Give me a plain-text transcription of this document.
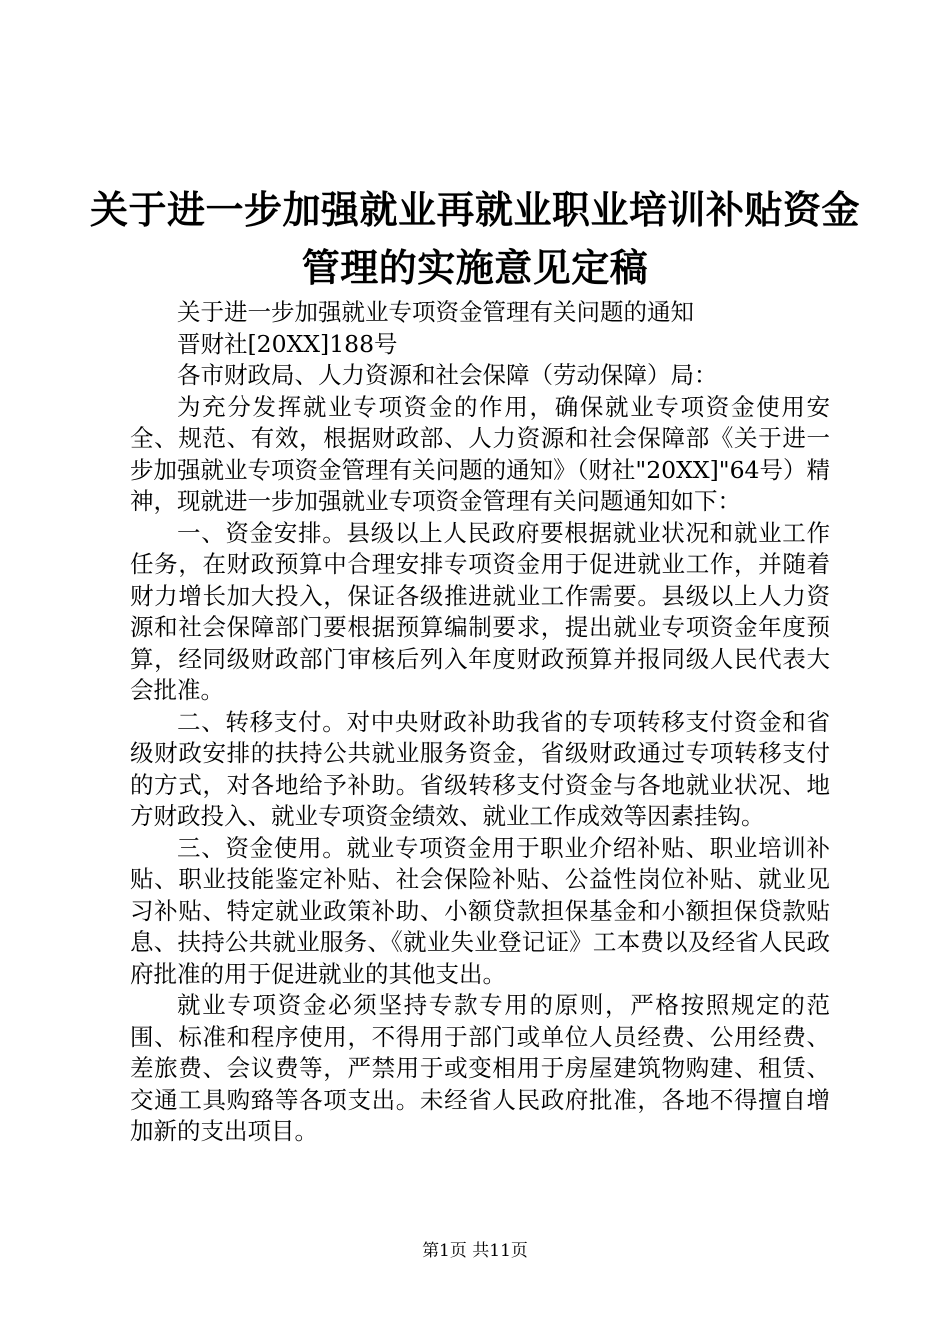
关于进一步加强就业再就业职业培训补贴资金
管理的实施意见定稿

关于进一步加强就业专项资金管理有关问题的通知

晋财社[20XX]188号

各市财政局、人力资源和社会保障（劳动保障）局：

为充分发挥就业专项资金的作用，确保就业专项资金使用安全、规范、有效，根据财政部、人力资源和社会保障部《关于进一步加强就业专项资金管理有关问题的通知》（财社"20XX]"64号）精神，现就进一步加强就业专项资金管理有关问题通知如下：

一、资金安排。县级以上人民政府要根据就业状况和就业工作任务，在财政预算中合理安排专项资金用于促进就业工作，并随着财力增长加大投入，保证各级推进就业工作需要。县级以上人力资源和社会保障部门要根据预算编制要求，提出就业专项资金年度预算，经同级财政部门审核后列入年度财政预算并报同级人民代表大会批准。

二、转移支付。对中央财政补助我省的专项转移支付资金和省级财政安排的扶持公共就业服务资金，省级财政通过专项转移支付的方式，对各地给予补助。省级转移支付资金与各地就业状况、地方财政投入、就业专项资金绩效、就业工作成效等因素挂钩。

三、资金使用。就业专项资金用于职业介绍补贴、职业培训补贴、职业技能鉴定补贴、社会保险补贴、公益性岗位补贴、就业见习补贴、特定就业政策补助、小额贷款担保基金和小额担保贷款贴息、扶持公共就业服务、《就业失业登记证》工本费以及经省人民政府批准的用于促进就业的其他支出。

就业专项资金必须坚持专款专用的原则，严格按照规定的范围、标准和程序使用，不得用于部门或单位人员经费、公用经费、差旅费、会议费等，严禁用于或变相用于房屋建筑物购建、租赁、交通工具购臵等各项支出。未经省人民政府批准，各地不得擅自增加新的支出项目。

第1页 共11页
